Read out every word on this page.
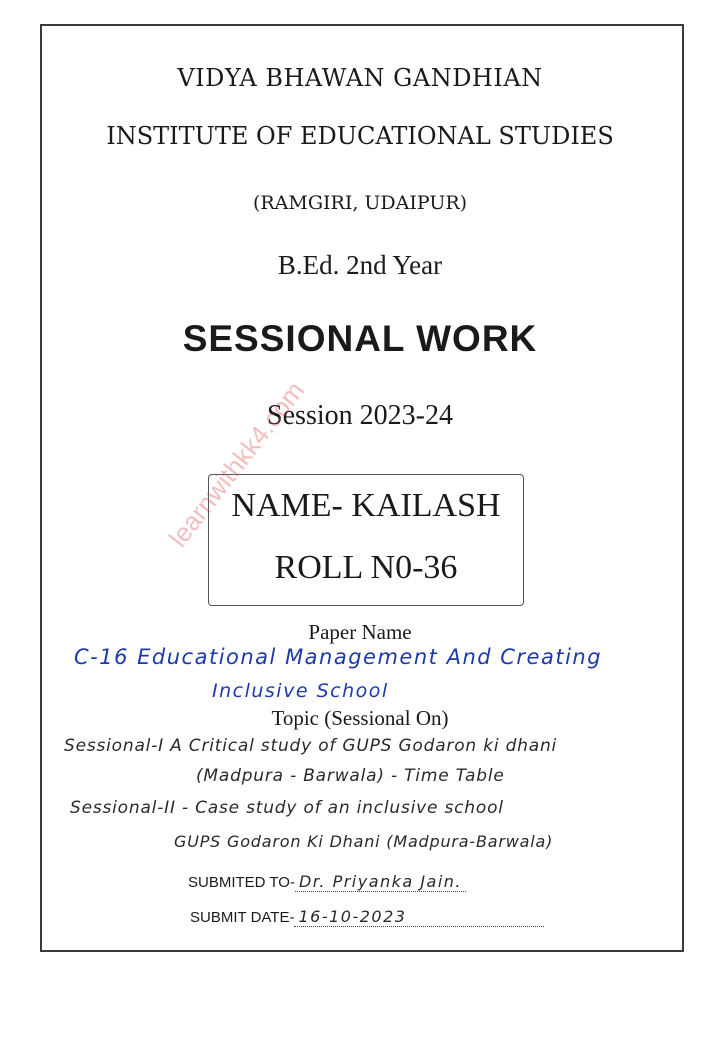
VIDYA BHAWAN GANDHIAN
INSTITUTE OF EDUCATIONAL STUDIES
(RAMGIRI, UDAIPUR)
B.Ed. 2nd Year
SESSIONAL WORK
Session 2023-24
NAME- KAILASH
ROLL N0-36
learnwithkk4.com
Paper Name
C-16 Educational Management And Creating
Inclusive School
Topic (Sessional On)
Sessional-I A Critical study of GUPS Godaron ki dhani
(Madpura - Barwala) - Time Table
Sessional-II - Case study of an inclusive school
GUPS Godaron Ki Dhani (Madpura-Barwala)
SUBMITED TO- Dr. Priyanka Jain.
SUBMIT DATE- 16-10-2023
